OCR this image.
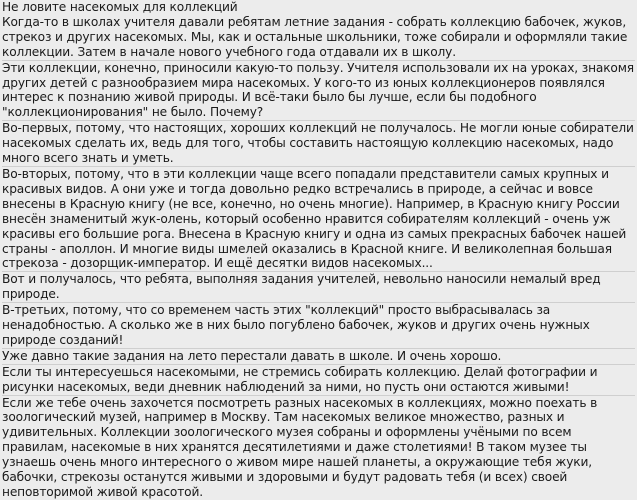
Не ловите насекомых для коллекций
Когда-то в школах учителя давали ребятам летние задания - собрать коллекцию бабочек, жуков, стрекоз и других насекомых. Мы, как и остальные школьники, тоже собирали и оформляли такие коллекции. Затем в начале нового учебного года отдавали их в школу.
Эти коллекции, конечно, приносили какую-то пользу. Учителя использовали их на уроках, знакомя других детей с разнообразием мира насекомых. У кого-то из юных коллекционеров появлялся интерес к познанию живой природы. И всё-таки было бы лучше, если бы подобного "коллекционирования" не было. Почему?
Во-первых, потому, что настоящих, хороших коллекций не получалось. Не могли юные собиратели насекомых сделать их, ведь для того, чтобы составить настоящую коллекцию насекомых, надо много всего знать и уметь.
Во-вторых, потому, что в эти коллекции чаще всего попадали представители самых крупных и красивых видов. А они уже и тогда довольно редко встречались в природе, а сейчас и вовсе внесены в Красную книгу (не все, конечно, но очень многие). Например, в Красную книгу России внесён знаменитый жук-олень, который особенно нравится собирателям коллекций - очень уж красивы его большие рога. Внесена в Красную книгу и одна из самых прекрасных бабочек нашей страны - аполлон. И многие виды шмелей оказались в Красной книге. И великолепная большая стрекоза - дозорщик-император. И ещё десятки видов насекомых...
Вот и получалось, что ребята, выполняя задания учителей, невольно наносили немалый вред природе.
В-третьих, потому, что со временем часть этих "коллекций" просто выбрасывалась за ненадобностью. А сколько же в них было погублено бабочек, жуков и других очень нужных природе созданий!
Уже давно такие задания на лето перестали давать в школе. И очень хорошо.
Если ты интересуешься насекомыми, не стремись собирать коллекцию. Делай фотографии и рисунки насекомых, веди дневник наблюдений за ними, но пусть они остаются живыми!
Если же тебе очень захочется посмотреть разных насекомых в коллекциях, можно поехать в зоологический музей, например в Москву. Там насекомых великое множество, разных и удивительных. Коллекции зоологического музея собраны и оформлены учёными по всем правилам, насекомые в них хранятся десятилетиями и даже столетиями! В таком музее ты узнаешь очень много интересного о живом мире нашей планеты, а окружающие тебя жуки, бабочки, стрекозы останутся живыми и здоровыми и будут радовать тебя (и всех) своей неповторимой живой красотой.
